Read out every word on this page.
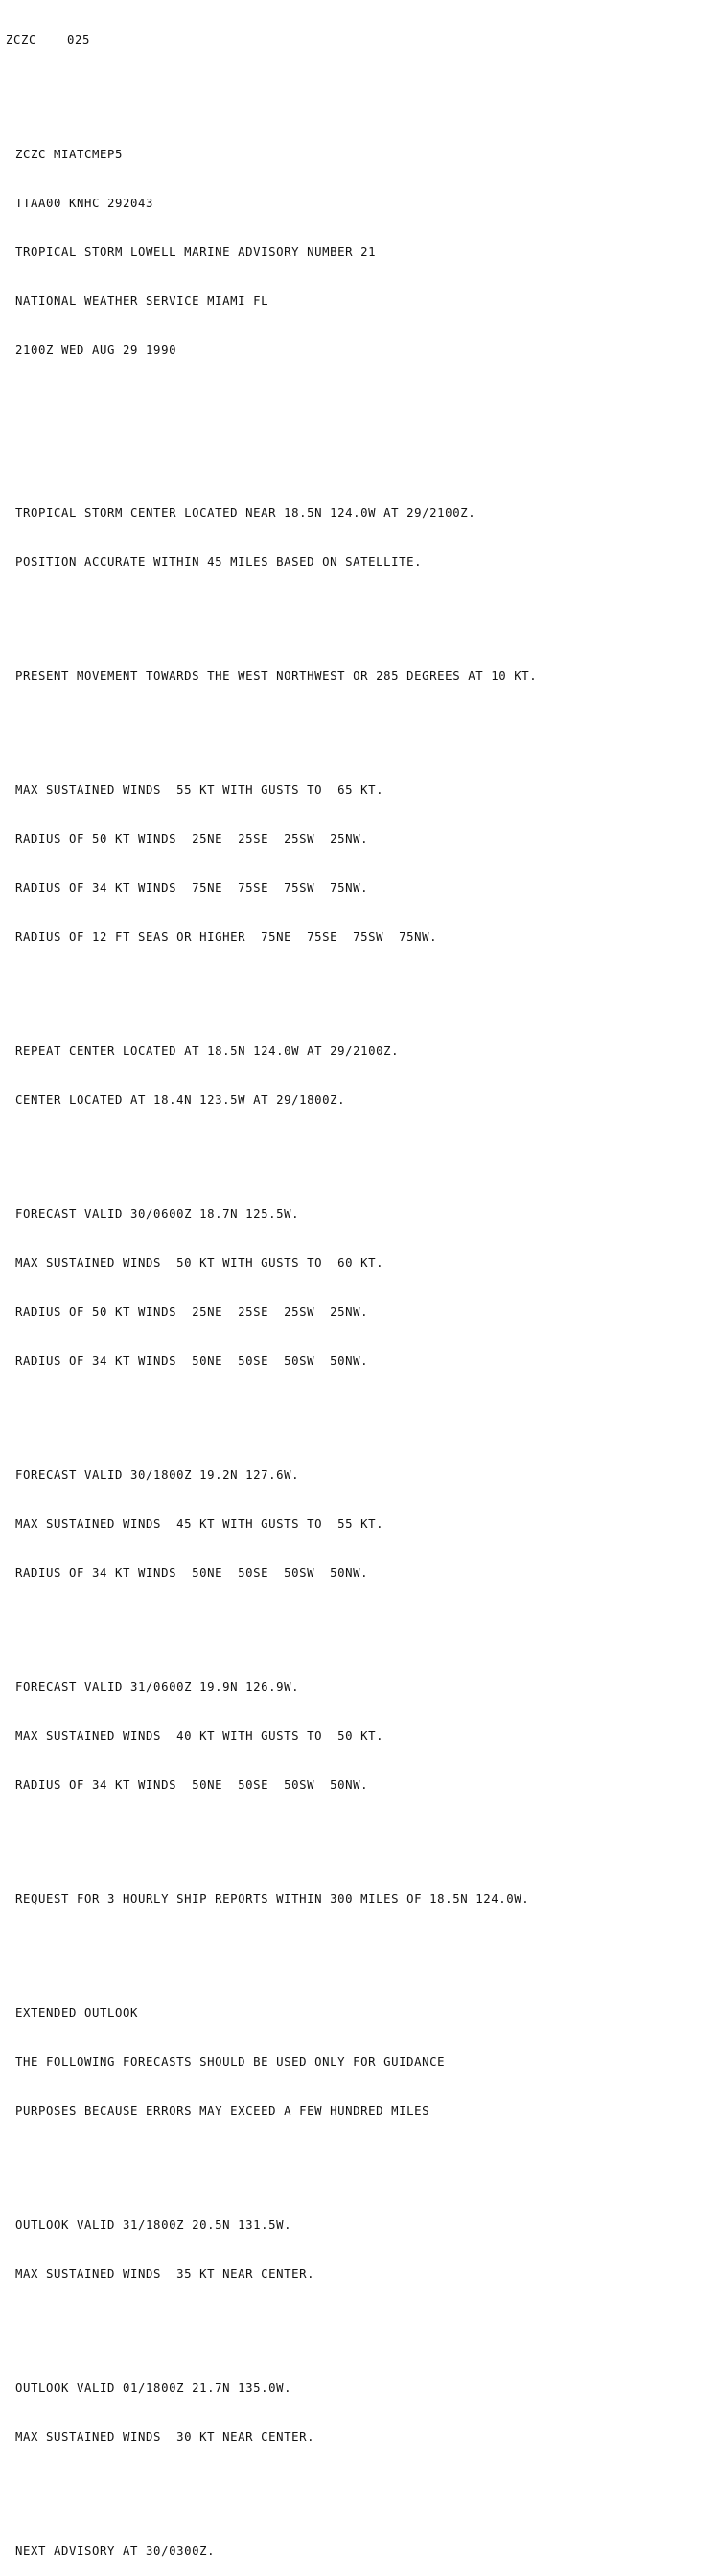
ZCZC    025

ZCZC MIATCMEP5

TTAA00 KNHC 292043

TROPICAL STORM LOWELL MARINE ADVISORY NUMBER 21

NATIONAL WEATHER SERVICE MIAMI FL

2100Z WED AUG 29 1990

TROPICAL STORM CENTER LOCATED NEAR 18.5N 124.0W AT 29/2100Z.

POSITION ACCURATE WITHIN 45 MILES BASED ON SATELLITE.

PRESENT MOVEMENT TOWARDS THE WEST NORTHWEST OR 285 DEGREES AT 10 KT.

MAX SUSTAINED WINDS  55 KT WITH GUSTS TO  65 KT.

RADIUS OF 50 KT WINDS  25NE  25SE  25SW  25NW.

RADIUS OF 34 KT WINDS  75NE  75SE  75SW  75NW.

RADIUS OF 12 FT SEAS OR HIGHER  75NE  75SE  75SW  75NW.

REPEAT CENTER LOCATED AT 18.5N 124.0W AT 29/2100Z.

CENTER LOCATED AT 18.4N 123.5W AT 29/1800Z.

FORECAST VALID 30/0600Z 18.7N 125.5W.

MAX SUSTAINED WINDS  50 KT WITH GUSTS TO  60 KT.

RADIUS OF 50 KT WINDS  25NE  25SE  25SW  25NW.

RADIUS OF 34 KT WINDS  50NE  50SE  50SW  50NW.

FORECAST VALID 30/1800Z 19.2N 127.6W.

MAX SUSTAINED WINDS  45 KT WITH GUSTS TO  55 KT.

RADIUS OF 34 KT WINDS  50NE  50SE  50SW  50NW.

FORECAST VALID 31/0600Z 19.9N 126.9W.

MAX SUSTAINED WINDS  40 KT WITH GUSTS TO  50 KT.

RADIUS OF 34 KT WINDS  50NE  50SE  50SW  50NW.

REQUEST FOR 3 HOURLY SHIP REPORTS WITHIN 300 MILES OF 18.5N 124.0W.

EXTENDED OUTLOOK

THE FOLLOWING FORECASTS SHOULD BE USED ONLY FOR GUIDANCE

PURPOSES BECAUSE ERRORS MAY EXCEED A FEW HUNDRED MILES

OUTLOOK VALID 31/1800Z 20.5N 131.5W.

MAX SUSTAINED WINDS  35 KT NEAR CENTER.

OUTLOOK VALID 01/1800Z 21.7N 135.0W.

MAX SUSTAINED WINDS  30 KT NEAR CENTER.

NEXT ADVISORY AT 30/0300Z.
